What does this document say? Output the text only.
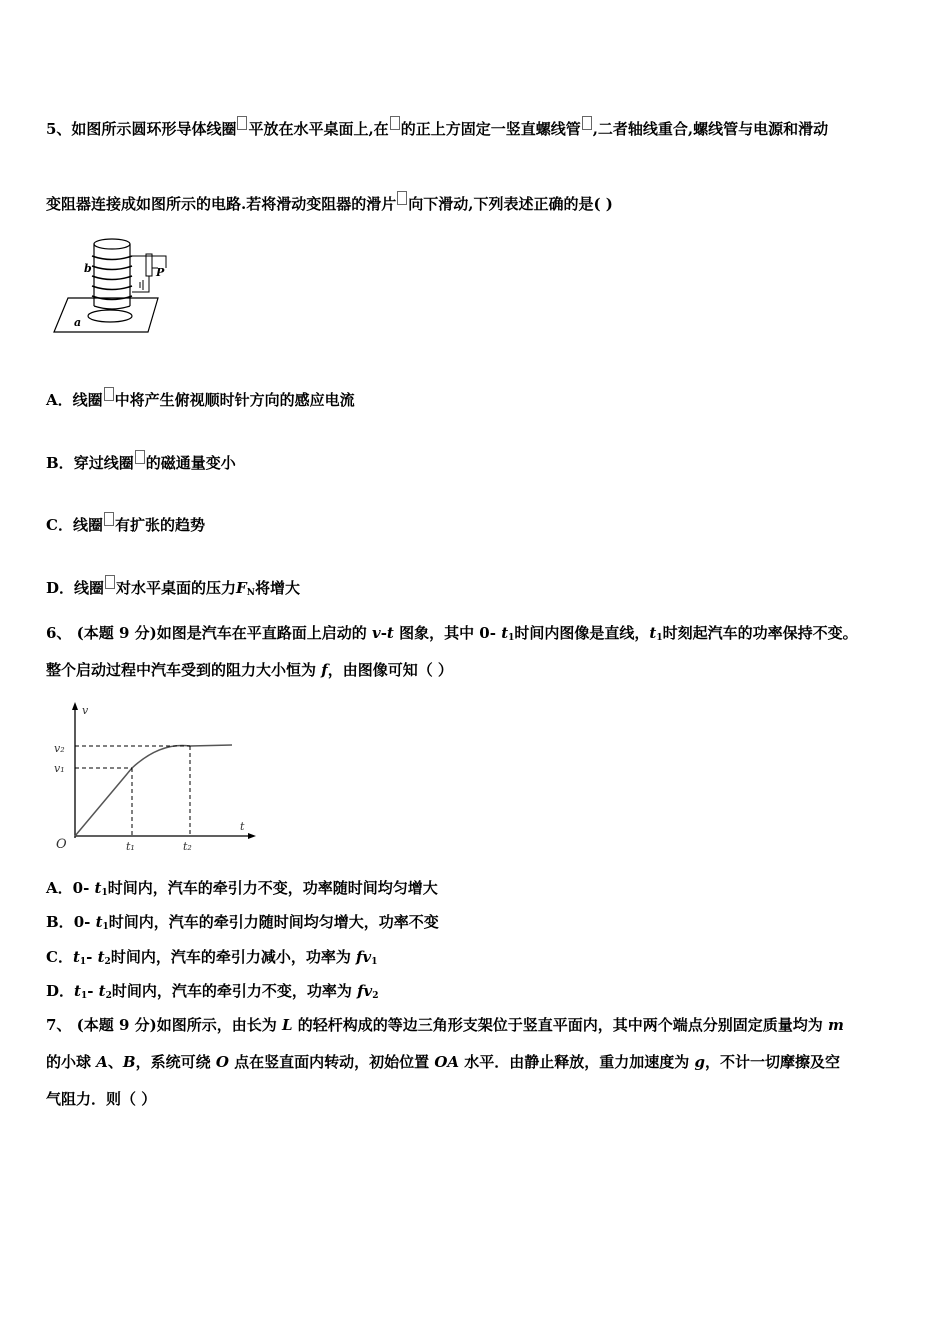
5、如图所示圆环形导体线圈 平放在水平桌面上,在 的正上方固定一竖直螺线管 ,二者轴线重合,螺线管与电源和滑动
变阻器连接成如图所示的电路.若将滑动变阻器的滑片 向下滑动,下列表述正确的是( )
b	P
a
A．线圈 中将产生俯视顺时针方向的感应电流
B．穿过线圈 的磁通量变小
C．线圈 有扩张的趋势
D．线圈 对水平桌面的压力$F_N$将增大
6、 (本题 9 分)如图是汽车在平直路面上启动的 v-t 图象，其中 0- $t_1$时间内图像是直线，$t_1$时刻起汽车的功率保持不变。
整个启动过程中汽车受到的阻力大小恒为 f，由图像可知（ ）
v
t
O
v₂
v₁
t₁	t₂
A．0- $t_1$时间内，汽车的牵引力不变，功率随时间均匀增大
B．0- $t_1$时间内，汽车的牵引力随时间均匀增大，功率不变
C．$t_1-$ $t_2$时间内，汽车的牵引力减小，功率为 $fv_1$
D．$t_1-$ $t_2$时间内，汽车的牵引力不变，功率为 $fv_2$
7、 (本题 9 分)如图所示，由长为 L 的轻杆构成的等边三角形支架位于竖直平面内，其中两个端点分别固定质量均为 m
的小球 A、B，系统可绕 O 点在竖直面内转动，初始位置 OA 水平．由静止释放，重力加速度为 g，不计一切摩擦及空
气阻力．则（ ）
